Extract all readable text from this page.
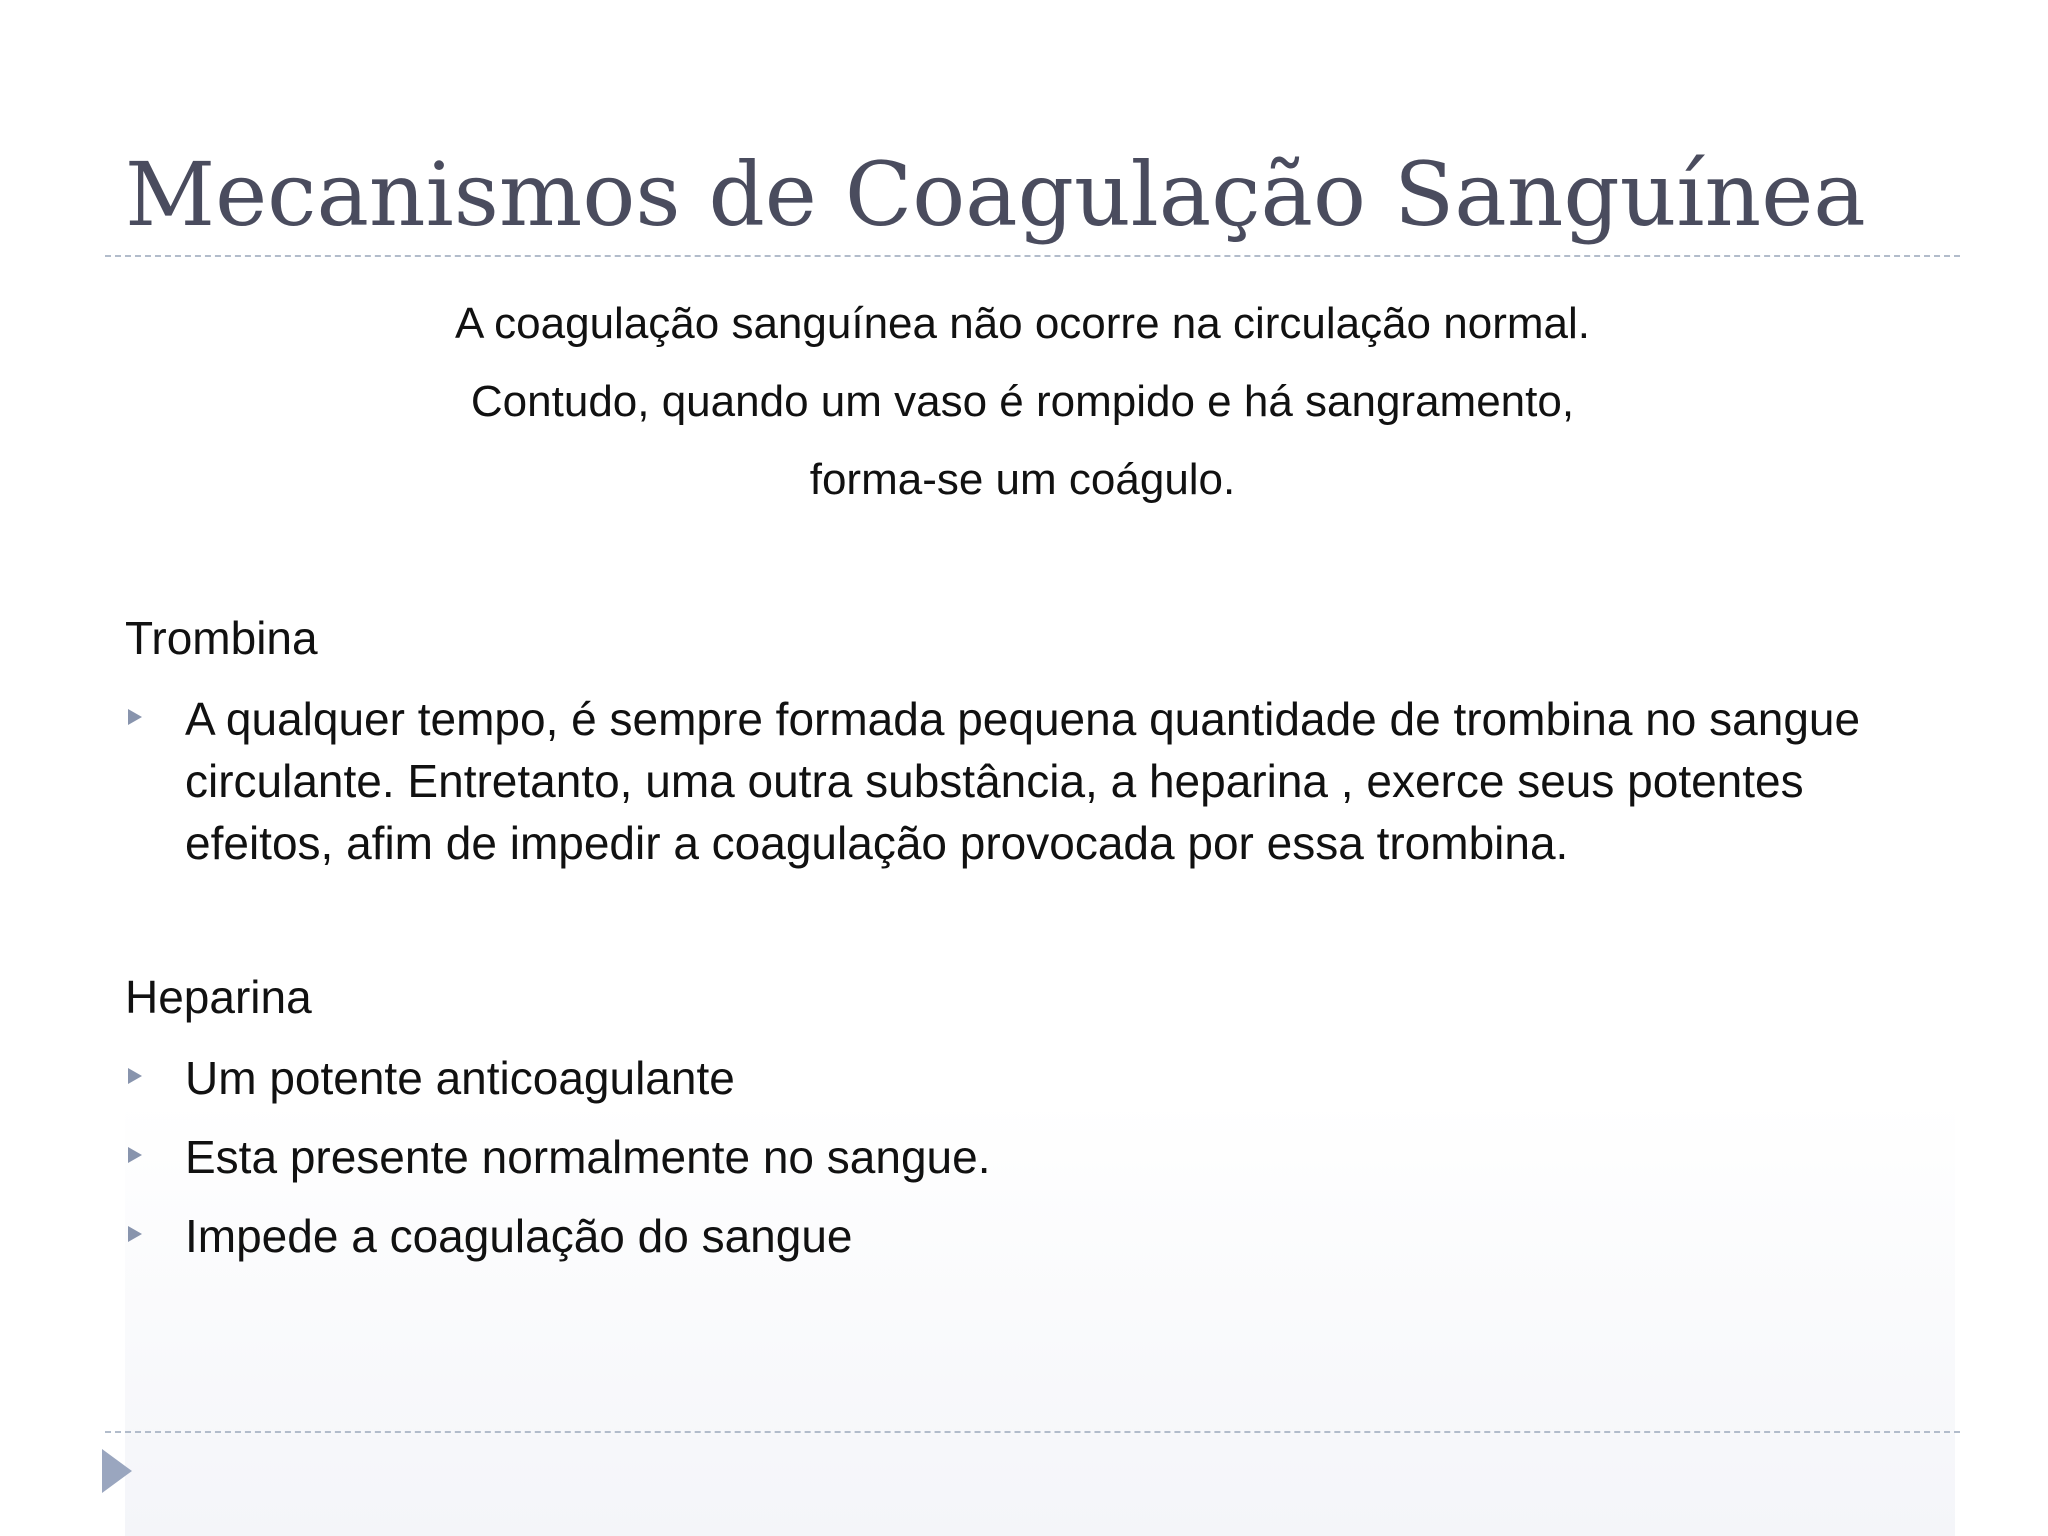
Mecanismos de Coagulação Sanguínea
A coagulação sanguínea não ocorre na circulação normal.
Contudo, quando um vaso é rompido e há sangramento,
forma-se um coágulo.
Trombina
A qualquer tempo, é sempre formada pequena quantidade de trombina no sangue circulante. Entretanto, uma outra substância, a heparina , exerce seus potentes efeitos, afim de impedir a coagulação provocada por essa trombina.
Heparina
Um potente anticoagulante
Esta presente normalmente no sangue.
Impede a coagulação do sangue
